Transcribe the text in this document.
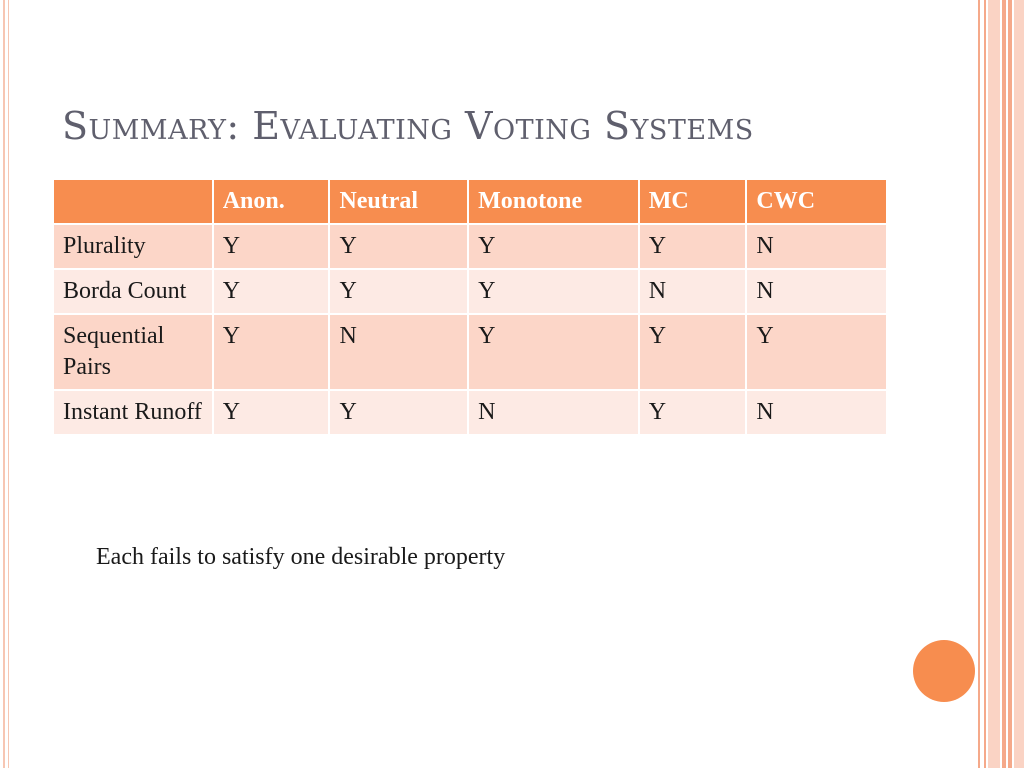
Summary: Evaluating Voting Systems
	Anon.	Neutral	Monotone	MC	CWC
Plurality	Y	Y	Y	Y	N
Borda Count	Y	Y	Y	N	N
Sequential Pairs	Y	N	Y	Y	Y
Instant Runoff	Y	Y	N	Y	N
Each fails to satisfy one desirable property
